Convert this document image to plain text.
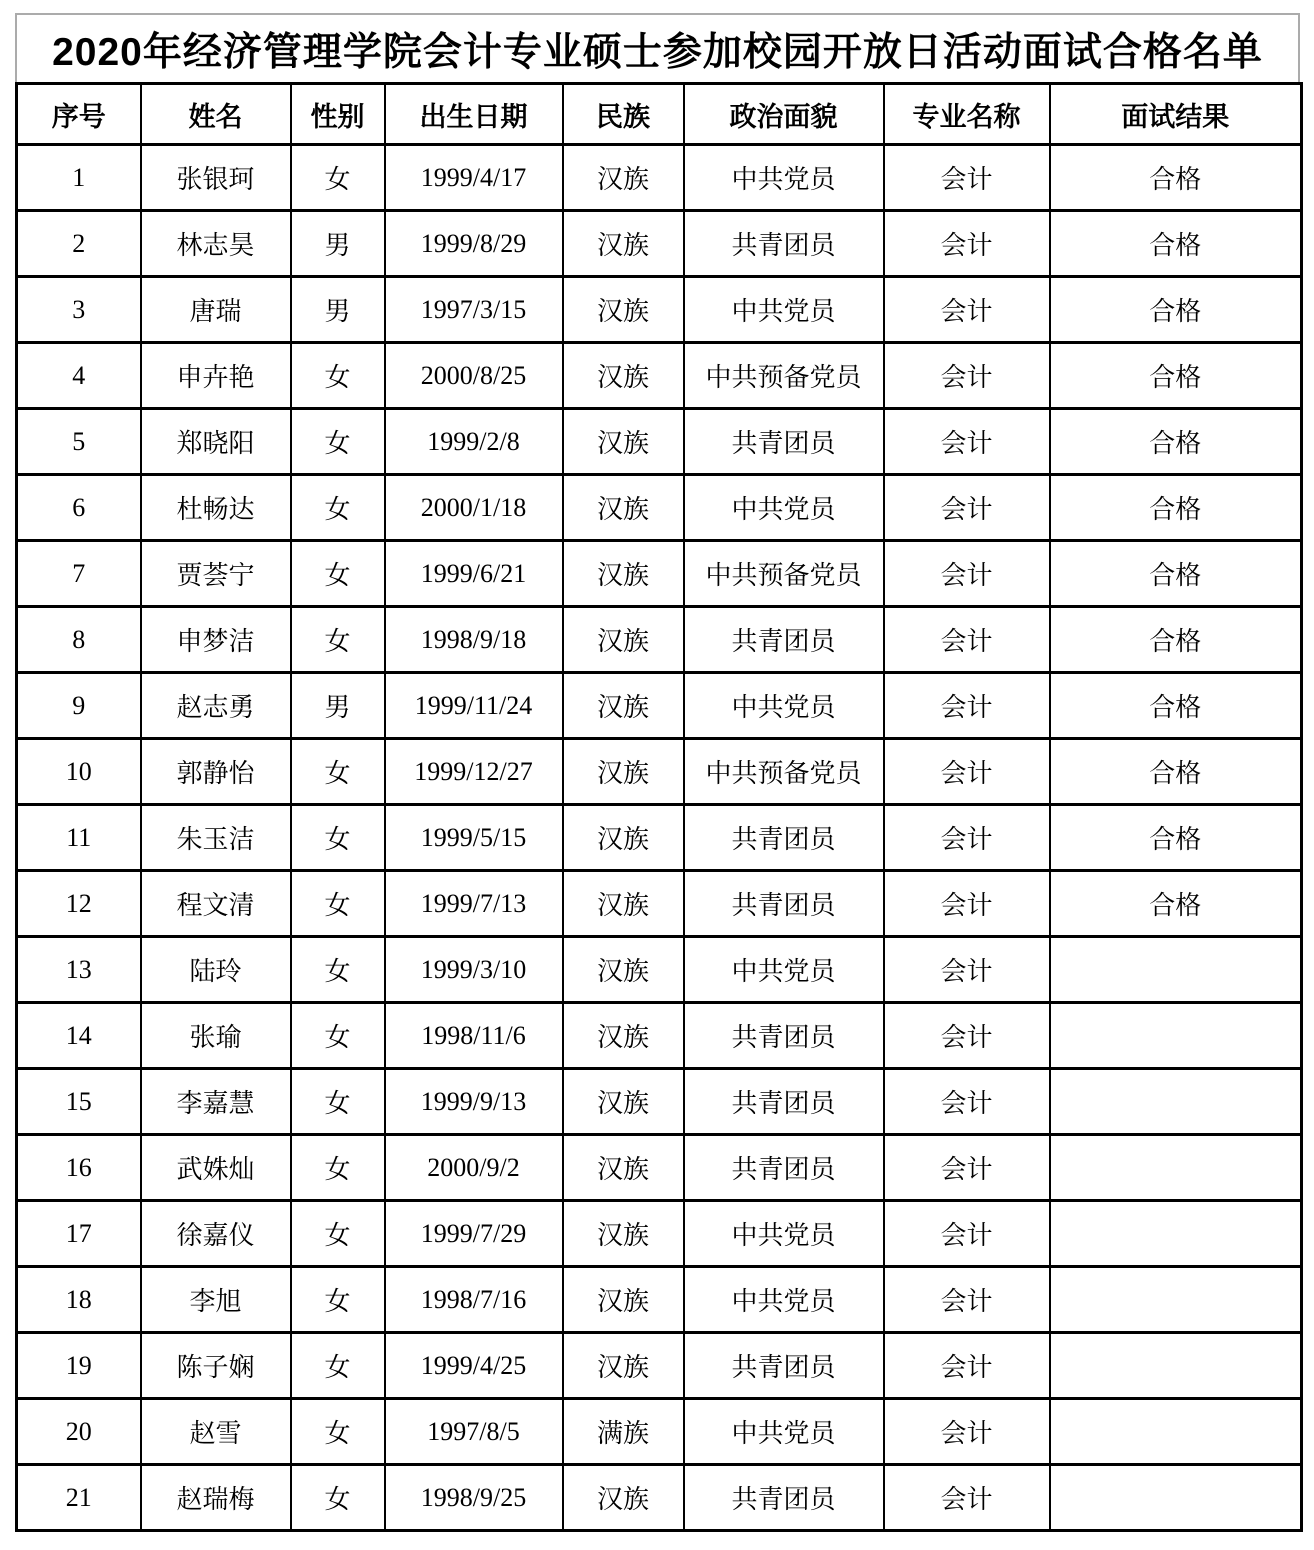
2020年经济管理学院会计专业硕士参加校园开放日活动面试合格名单
序号	姓名	性别	出生日期	民族	政治面貌	专业名称	面试结果
1	张银珂	女	1999/4/17	汉族	中共党员	会计	合格
2	林志昊	男	1999/8/29	汉族	共青团员	会计	合格
3	唐瑞	男	1997/3/15	汉族	中共党员	会计	合格
4	申卉艳	女	2000/8/25	汉族	中共预备党员	会计	合格
5	郑晓阳	女	1999/2/8	汉族	共青团员	会计	合格
6	杜畅达	女	2000/1/18	汉族	中共党员	会计	合格
7	贾荟宁	女	1999/6/21	汉族	中共预备党员	会计	合格
8	申梦洁	女	1998/9/18	汉族	共青团员	会计	合格
9	赵志勇	男	1999/11/24	汉族	中共党员	会计	合格
10	郭静怡	女	1999/12/27	汉族	中共预备党员	会计	合格
11	朱玉洁	女	1999/5/15	汉族	共青团员	会计	合格
12	程文清	女	1999/7/13	汉族	共青团员	会计	合格
13	陆玲	女	1999/3/10	汉族	中共党员	会计	
14	张瑜	女	1998/11/6	汉族	共青团员	会计	
15	李嘉慧	女	1999/9/13	汉族	共青团员	会计	
16	武姝灿	女	2000/9/2	汉族	共青团员	会计	
17	徐嘉仪	女	1999/7/29	汉族	中共党员	会计	
18	李旭	女	1998/7/16	汉族	中共党员	会计	
19	陈子娴	女	1999/4/25	汉族	共青团员	会计	
20	赵雪	女	1997/8/5	满族	中共党员	会计	
21	赵瑞梅	女	1998/9/25	汉族	共青团员	会计	
